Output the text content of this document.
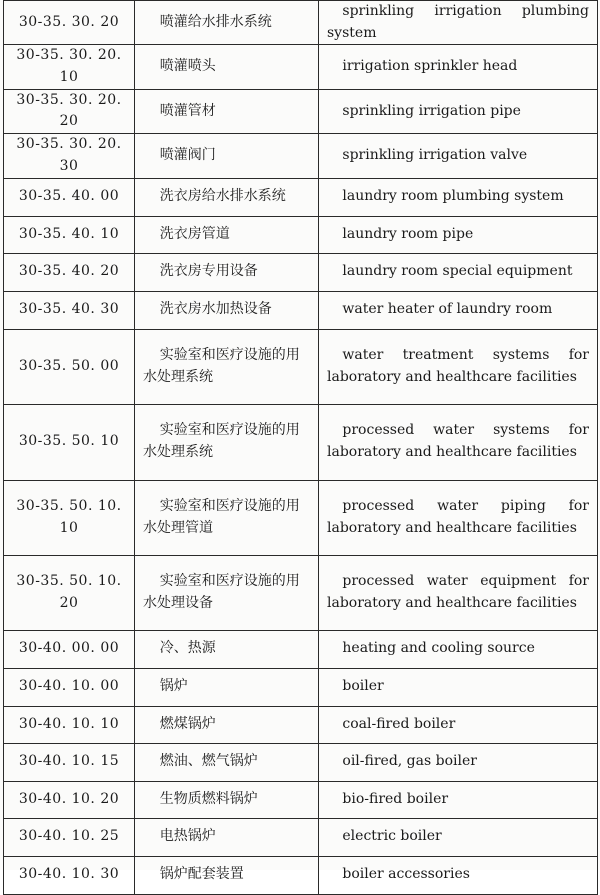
30-35. 30. 20	喷灌给水排水系统	sprinkling irrigation plumbing system
30-35. 30. 20. 10	喷灌喷头	irrigation sprinkler head
30-35. 30. 20. 20	喷灌管材	sprinkling irrigation pipe
30-35. 30. 20. 30	喷灌阀门	sprinkling irrigation valve
30-35. 40. 00	洗衣房给水排水系统	laundry room plumbing system
30-35. 40. 10	洗衣房管道	laundry room pipe
30-35. 40. 20	洗衣房专用设备	laundry room special equipment
30-35. 40. 30	洗衣房水加热设备	water heater of laundry room
30-35. 50. 00	实验室和医疗设施的用水处理系统	water treatment systems for laboratory and healthcare facilities
30-35. 50. 10	实验室和医疗设施的用水处理系统	processed water systems for laboratory and healthcare facilities
30-35. 50. 10. 10	实验室和医疗设施的用水处理管道	processed water piping for laboratory and healthcare facilities
30-35. 50. 10. 20	实验室和医疗设施的用水处理设备	processed water equipment for laboratory and healthcare facilities
30-40. 00. 00	冷、热源	heating and cooling source
30-40. 10. 00	锅炉	boiler
30-40. 10. 10	燃煤锅炉	coal-fired boiler
30-40. 10. 15	燃油、燃气锅炉	oil-fired, gas boiler
30-40. 10. 20	生物质燃料锅炉	bio-fired boiler
30-40. 10. 25	电热锅炉	electric boiler
30-40. 10. 30	锅炉配套装置	boiler accessories
